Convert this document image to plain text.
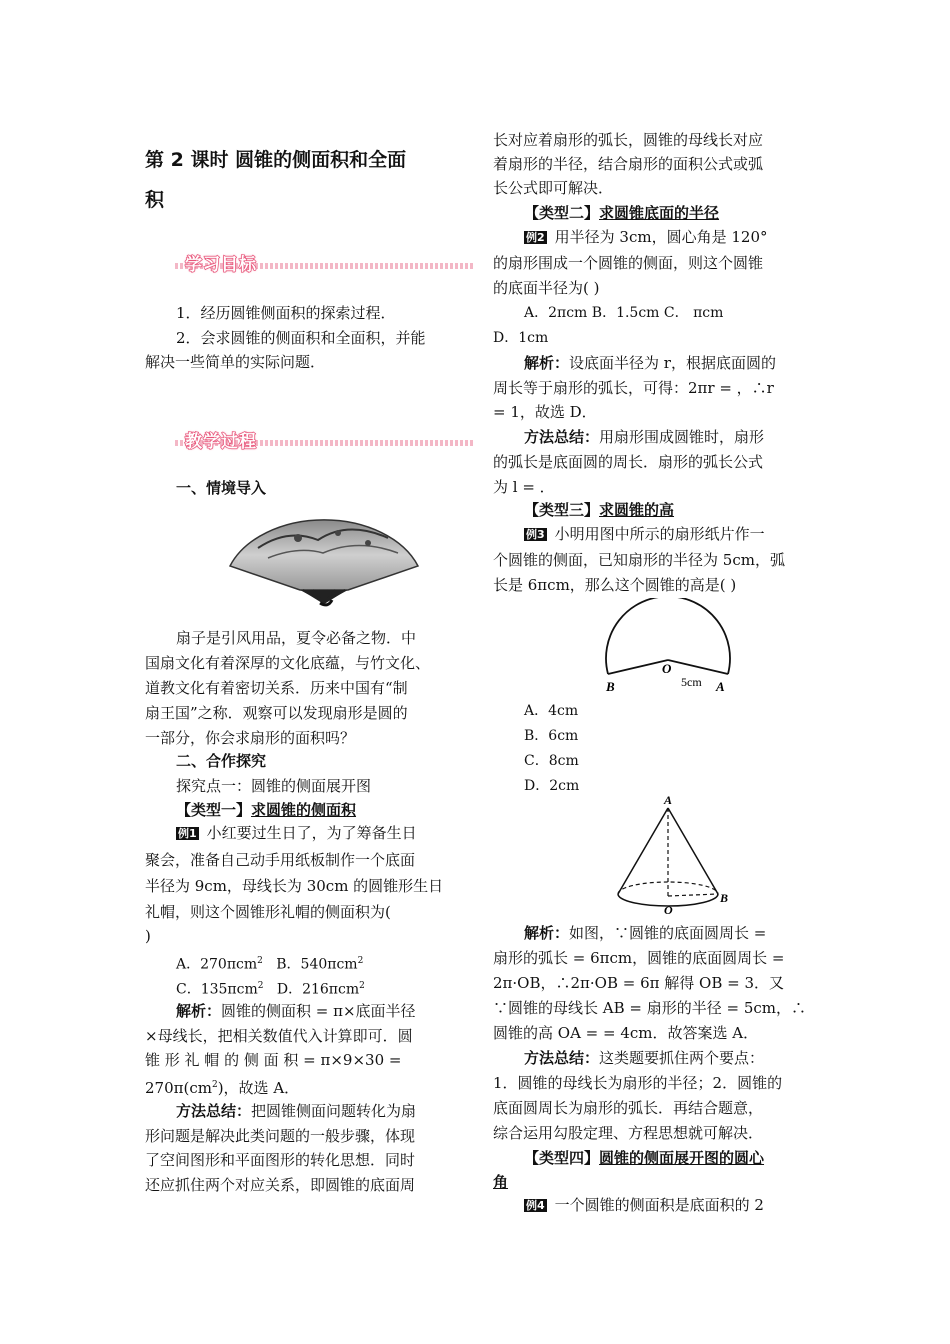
第 2 课时 圆锥的侧面积和全面
积
学习目标
1．经历圆锥侧面积的探索过程．
2．会求圆锥的侧面积和全面积，并能
解决一些简单的实际问题．
教学过程
一、情境导入
扇子是引风用品，夏令必备之物．中
国扇文化有着深厚的文化底蕴，与竹文化、
道教文化有着密切关系．历来中国有“制
扇王国”之称．观察可以发现扇形是圆的
一部分，你会求扇形的面积吗？
二、合作探究
探究点一：圆锥的侧面展开图
【类型一】求圆锥的侧面积
例1 小红要过生日了，为了筹备生日
聚会，准备自己动手用纸板制作一个底面
半径为 9cm，母线长为 30cm 的圆锥形生日
礼帽，则这个圆锥形礼帽的侧面积为(
)
A．270πcm$^2$ B．540πcm$^2$
C．135πcm$^2$ D．216πcm$^2$
解析：圆锥的侧面积 = π×底面半径
×母线长，把相关数值代入计算即可．圆
锥 形 礼 帽 的 侧 面 积 = π×9×30 =
$270\pi(cm^2)$，故选 A．
方法总结：把圆锥侧面问题转化为扇
形问题是解决此类问题的一般步骤，体现
了空间图形和平面图形的转化思想．同时
还应抓住两个对应关系，即圆锥的底面周
长对应着扇形的弧长，圆锥的母线长对应
着扇形的半径，结合扇形的面积公式或弧
长公式即可解决．
【类型二】求圆锥底面的半径
例2 用半径为 3cm，圆心角是 120°
的扇形围成一个圆锥的侧面，则这个圆锥
的底面半径为( )
A．2πcm B．1.5cm C． πcm
D．1cm
解析：设底面半径为 r，根据底面圆的
周长等于扇形的弧长，可得：2πr = ，∴r
= 1，故选 D．
方法总结：用扇形围成圆锥时，扇形
的弧长是底面圆的周长．扇形的弧长公式
为 l = ．
【类型三】求圆锥的高
例3 小明用图中所示的扇形纸片作一
个圆锥的侧面，已知扇形的半径为 5cm，弧
长是 6πcm，那么这个圆锥的高是( )
O
B	A
5cm
A．4cm
B．6cm
C．8cm
D．2cm
A
B
O
解析：如图，∵圆锥的底面圆周长 =
扇形的弧长 = 6πcm，圆锥的底面圆周长 =
2π·OB，∴2π·OB = 6π 解得 OB = 3．又
∵圆锥的母线长 AB = 扇形的半径 = 5cm，∴
圆锥的高 OA = = 4cm．故答案选 A．
方法总结：这类题要抓住两个要点：
1．圆锥的母线长为扇形的半径；2．圆锥的
底面圆周长为扇形的弧长．再结合题意，
综合运用勾股定理、方程思想就可解决．
【类型四】圆锥的侧面展开图的圆心
角
例4 一个圆锥的侧面积是底面积的 2
